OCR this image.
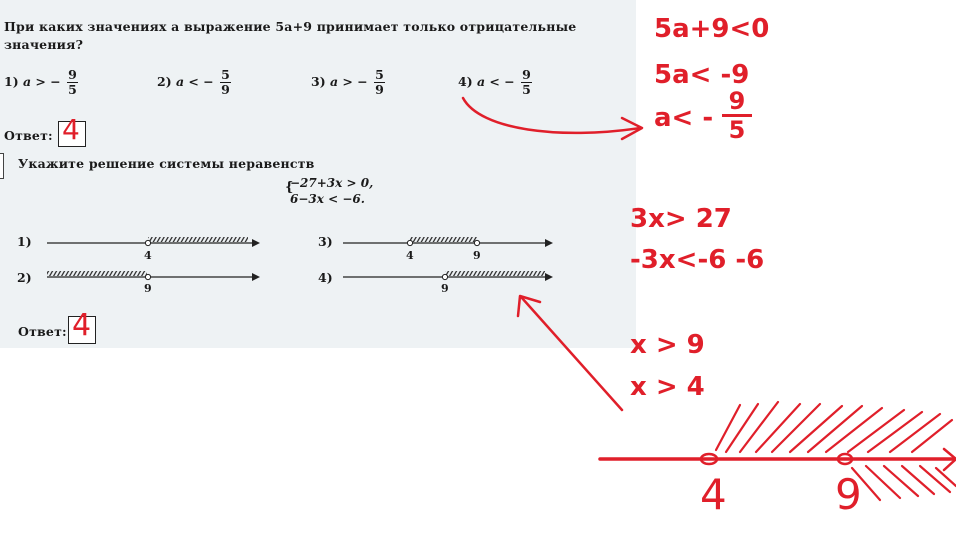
При каких значениях a выражение 5a+9 принимает только отрицательные
значения?
1) a > − $\frac{9}{5}$	2) a < − $\frac{5}{9}$	3) a > − $\frac{5}{9}$	4) a < − $\frac{9}{5}$
Ответ: 4
Укажите решение системы неравенств
{
−27+3x > 0,
6−3x < −6.
1)
2)
3)
4)
4
9
4	9
9
Ответ: 4
5a+9<0
5a< -9
a< -
9
5
3x> 27
-3x<-6 -6
x > 9
x > 4
4	9
